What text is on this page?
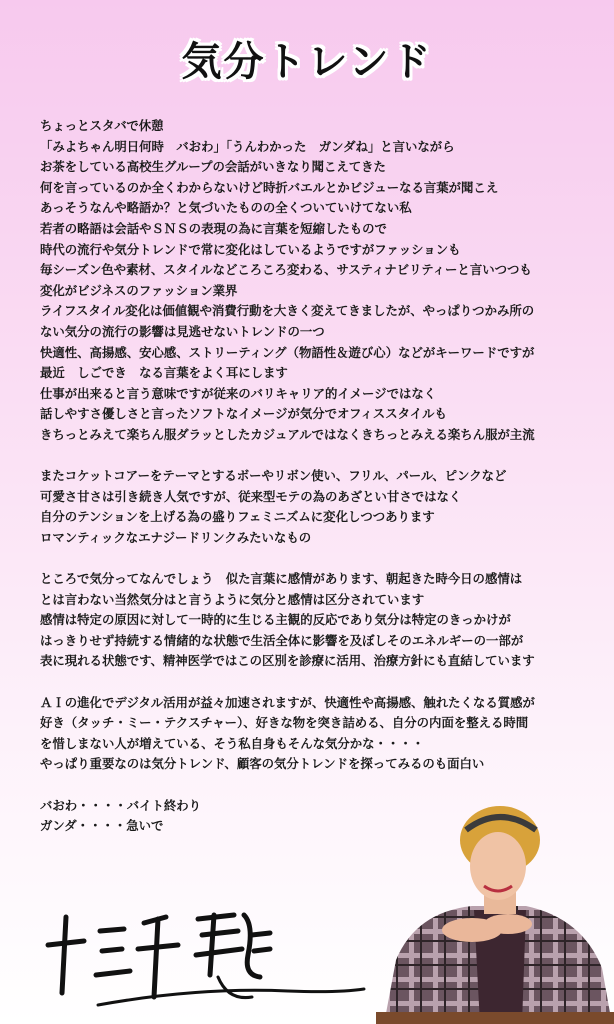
気分トレンド
ちょっとスタバで休憩
「みよちゃん明日何時　バおわ」「うんわかった　ガンダね」と言いながら
お茶をしている高校生グループの会話がいきなり聞こえてきた
何を言っているのか全くわからないけど時折バエルとかビジューなる言葉が聞こえ
あっそうなんや略語か？と気づいたものの全くついていけてない私
若者の略語は会話やＳＮＳの表現の為に言葉を短縮したもので
時代の流行や気分トレンドで常に変化はしているようですがファッションも
毎シーズン色や素材、スタイルなどころころ変わる、サスティナビリティーと言いつつも
変化がビジネスのファッション業界
ライフスタイル変化は価値観や消費行動を大きく変えてきましたが、やっぱりつかみ所の
ない気分の流行の影響は見逃せないトレンドの一つ
快適性、高揚感、安心感、ストリーティング（物語性＆遊び心）などがキーワードですが
最近　しごでき　なる言葉をよく耳にします
仕事が出来ると言う意味ですが従来のバリキャリア的イメージではなく
話しやすさ優しさと言ったソフトなイメージが気分でオフィススタイルも
きちっとみえて楽ちん服ダラッとしたカジュアルではなくきちっとみえる楽ちん服が主流
またコケットコアーをテーマとするボーやリボン使い、フリル、パール、ピンクなど
可愛さ甘さは引き続き人気ですが、従来型モテの為のあざとい甘さではなく
自分のテンションを上げる為の盛りフェミニズムに変化しつつあります
ロマンティックなエナジードリンクみたいなもの
ところで気分ってなんでしょう　似た言葉に感情があります、朝起きた時今日の感情は
とは言わない当然気分はと言うように気分と感情は区分されています
感情は特定の原因に対して一時的に生じる主観的反応であり気分は特定のきっかけが
はっきりせず持続する情緒的な状態で生活全体に影響を及ぼしそのエネルギーの一部が
表に現れる状態です、精神医学ではこの区別を診療に活用、治療方針にも直結しています
ＡＩの進化でデジタル活用が益々加速されますが、快適性や高揚感、触れたくなる質感が
好き（タッチ・ミー・テクスチャー）、好きな物を突き詰める、自分の内面を整える時間
を惜しまない人が増えている、そう私自身もそんな気分かな・・・・
やっぱり重要なのは気分トレンド、顧客の気分トレンドを探ってみるのも面白い
バおわ・・・・バイト終わり
ガンダ・・・・急いで
